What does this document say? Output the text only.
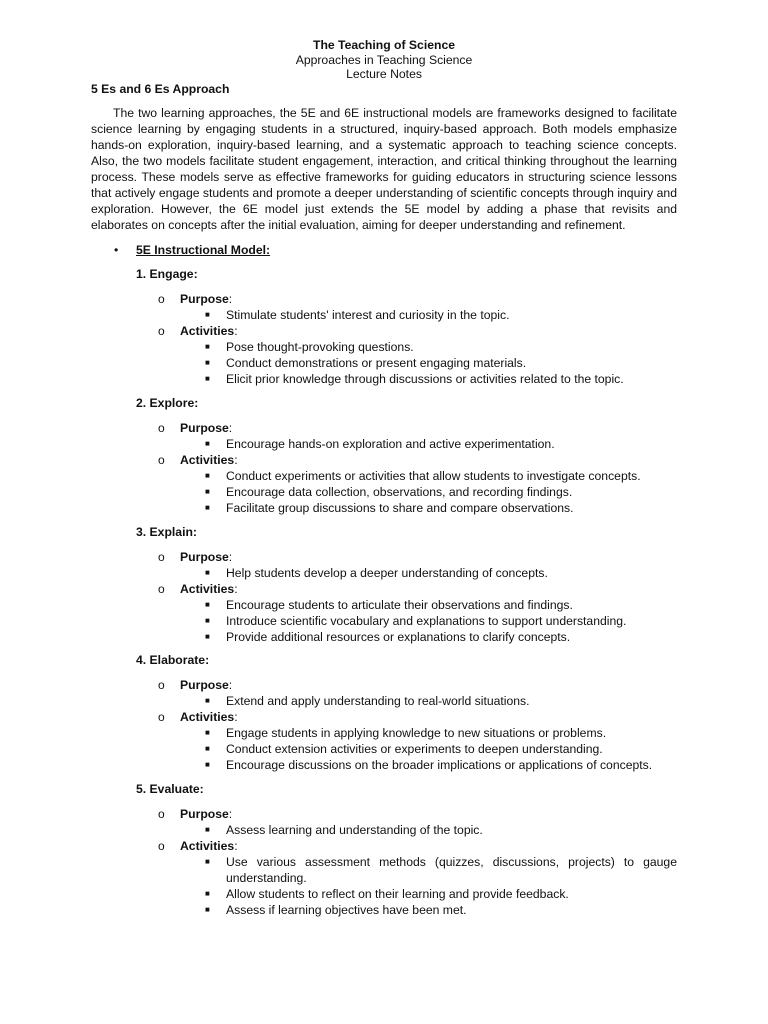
The Teaching of Science
Approaches in Teaching Science
Lecture Notes
5 Es and 6 Es Approach

The two learning approaches, the 5E and 6E instructional models are frameworks designed to facilitate science learning by engaging students in a structured, inquiry-based approach. Both models emphasize hands-on exploration, inquiry-based learning, and a systematic approach to teaching science concepts. Also, the two models facilitate student engagement, interaction, and critical thinking throughout the learning process. These models serve as effective frameworks for guiding educators in structuring science lessons that actively engage students and promote a deeper understanding of scientific concepts through inquiry and exploration. However, the 6E model just extends the 5E model by adding a phase that revisits and elaborates on concepts after the initial evaluation, aiming for deeper understanding and refinement.

• 5E Instructional Model:
1. Engage:
o Purpose:
■ Stimulate students' interest and curiosity in the topic.
o Activities:
■ Pose thought-provoking questions.
■ Conduct demonstrations or present engaging materials.
■ Elicit prior knowledge through discussions or activities related to the topic.
2. Explore:
o Purpose:
■ Encourage hands-on exploration and active experimentation.
o Activities:
■ Conduct experiments or activities that allow students to investigate concepts.
■ Encourage data collection, observations, and recording findings.
■ Facilitate group discussions to share and compare observations.
3. Explain:
o Purpose:
■ Help students develop a deeper understanding of concepts.
o Activities:
■ Encourage students to articulate their observations and findings.
■ Introduce scientific vocabulary and explanations to support understanding.
■ Provide additional resources or explanations to clarify concepts.
4. Elaborate:
o Purpose:
■ Extend and apply understanding to real-world situations.
o Activities:
■ Engage students in applying knowledge to new situations or problems.
■ Conduct extension activities or experiments to deepen understanding.
■ Encourage discussions on the broader implications or applications of concepts.
5. Evaluate:
o Purpose:
■ Assess learning and understanding of the topic.
o Activities:
■ Use various assessment methods (quizzes, discussions, projects) to gauge understanding.
■ Allow students to reflect on their learning and provide feedback.
■ Assess if learning objectives have been met.
